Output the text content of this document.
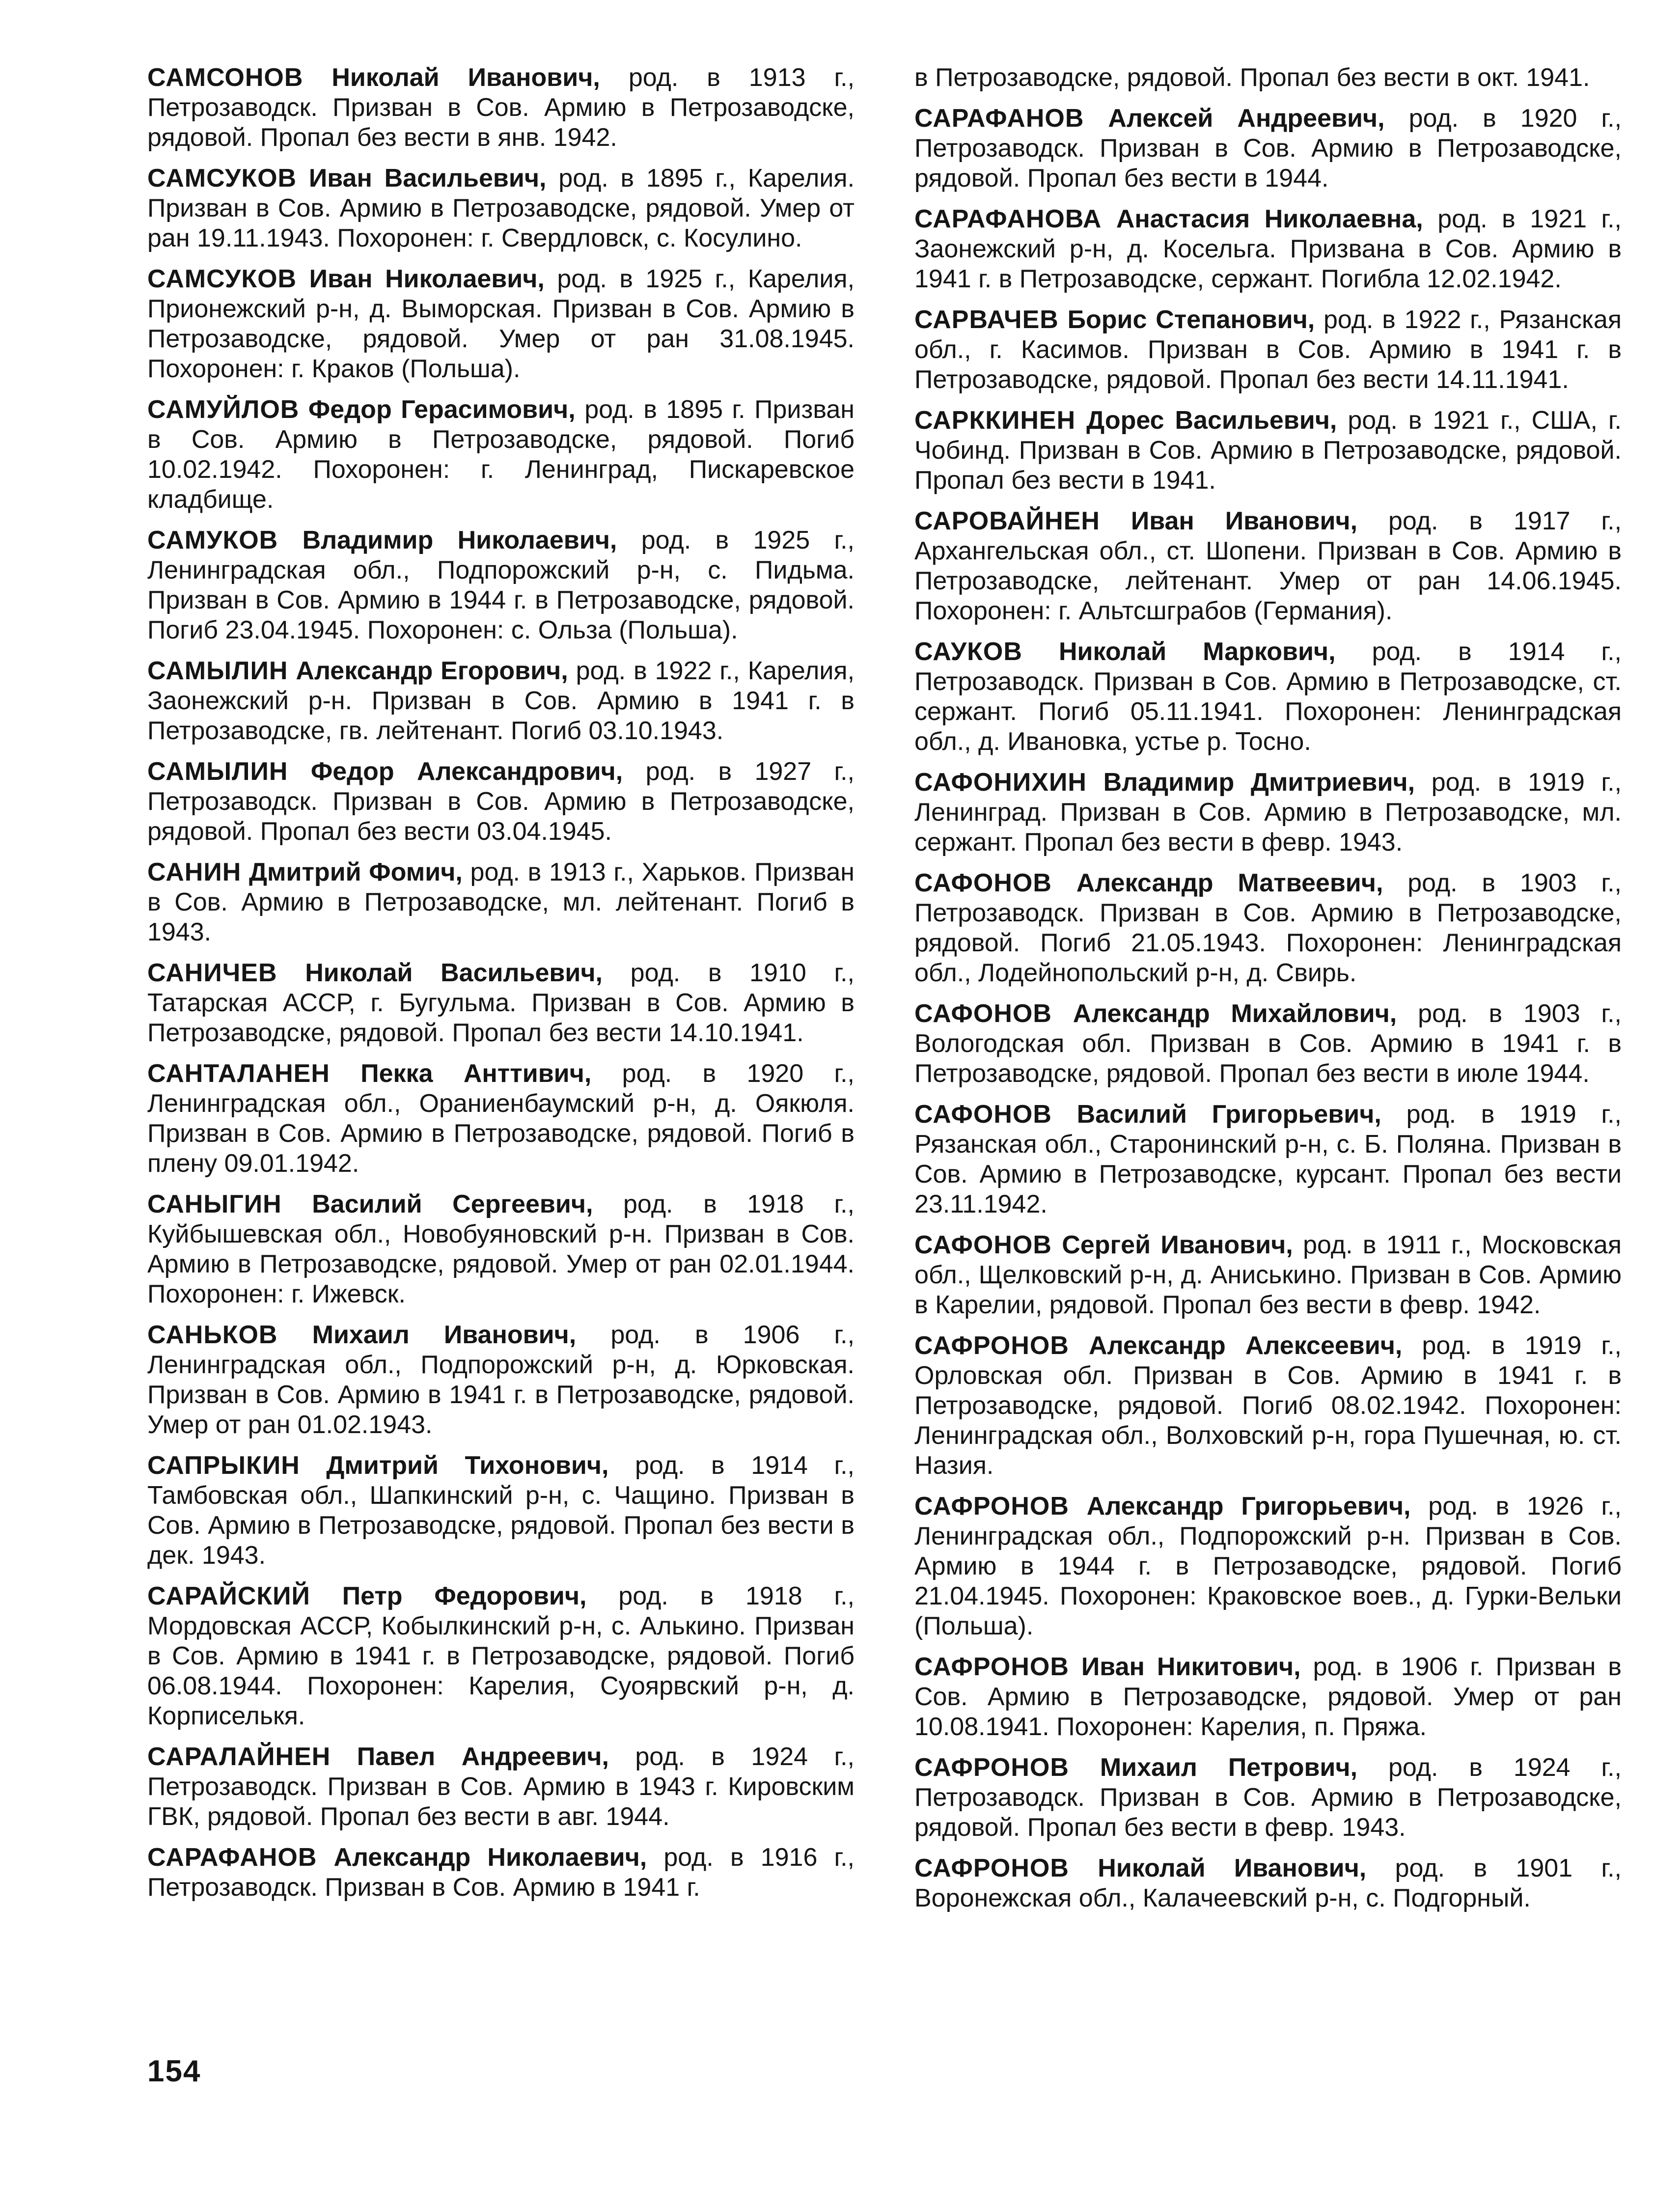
САМСОНОВ Николай Иванович, род. в 1913 г., Петрозаводск. Призван в Сов. Армию в Петрозаводске, рядовой. Пропал без вести в янв. 1942.

САМСУКОВ Иван Васильевич, род. в 1895 г., Карелия. Призван в Сов. Армию в Петрозаводске, рядовой. Умер от ран 19.11.1943. Похоронен: г. Свердловск, с. Косулино.

САМСУКОВ Иван Николаевич, род. в 1925 г., Карелия, Прионежский р-н, д. Выморская. Призван в Сов. Армию в Петрозаводске, рядовой. Умер от ран 31.08.1945. Похоронен: г. Краков (Польша).

САМУЙЛОВ Федор Герасимович, род. в 1895 г. Призван в Сов. Армию в Петрозаводске, рядовой. Погиб 10.02.1942. Похоронен: г. Ленинград, Пискаревское кладбище.

САМУКОВ Владимир Николаевич, род. в 1925 г., Ленинградская обл., Подпорожский р-н, с. Пидьма. Призван в Сов. Армию в 1944 г. в Петрозаводске, рядовой. Погиб 23.04.1945. Похоронен: с. Ольза (Польша).

САМЫЛИН Александр Егорович, род. в 1922 г., Карелия, Заонежский р-н. Призван в Сов. Армию в 1941 г. в Петрозаводске, гв. лейтенант. Погиб 03.10.1943.

САМЫЛИН Федор Александрович, род. в 1927 г., Петрозаводск. Призван в Сов. Армию в Петрозаводске, рядовой. Пропал без вести 03.04.1945.

САНИН Дмитрий Фомич, род. в 1913 г., Харьков. Призван в Сов. Армию в Петрозаводске, мл. лейтенант. Погиб в 1943.

САНИЧЕВ Николай Васильевич, род. в 1910 г., Татарская АССР, г. Бугульма. Призван в Сов. Армию в Петрозаводске, рядовой. Пропал без вести 14.10.1941.

САНТАЛАНЕН Пекка Анттивич, род. в 1920 г., Ленинградская обл., Ораниенбаумский р-н, д. Оякюля. Призван в Сов. Армию в Петрозаводске, рядовой. Погиб в плену 09.01.1942.

САНЫГИН Василий Сергеевич, род. в 1918 г., Куйбышевская обл., Новобуяновский р-н. Призван в Сов. Армию в Петрозаводске, рядовой. Умер от ран 02.01.1944. Похоронен: г. Ижевск.

САНЬКОВ Михаил Иванович, род. в 1906 г., Ленинградская обл., Подпорожский р-н, д. Юрковская. Призван в Сов. Армию в 1941 г. в Петрозаводске, рядовой. Умер от ран 01.02.1943.

САПРЫКИН Дмитрий Тихонович, род. в 1914 г., Тамбовская обл., Шапкинский р-н, с. Чащино. Призван в Сов. Армию в Петрозаводске, рядовой. Пропал без вести в дек. 1943.

САРАЙСКИЙ Петр Федорович, род. в 1918 г., Мордовская АССР, Кобылкинский р-н, с. Алькино. Призван в Сов. Армию в 1941 г. в Петрозаводске, рядовой. Погиб 06.08.1944. Похоронен: Карелия, Суоярвский р-н, д. Корписелькя.

САРАЛАЙНЕН Павел Андреевич, род. в 1924 г., Петрозаводск. Призван в Сов. Армию в 1943 г. Кировским ГВК, рядовой. Пропал без вести в авг. 1944.

САРАФАНОВ Александр Николаевич, род. в 1916 г., Петрозаводск. Призван в Сов. Армию в 1941 г.

в Петрозаводске, рядовой. Пропал без вести в окт. 1941.

САРАФАНОВ Алексей Андреевич, род. в 1920 г., Петрозаводск. Призван в Сов. Армию в Петрозаводске, рядовой. Пропал без вести в 1944.

САРАФАНОВА Анастасия Николаевна, род. в 1921 г., Заонежский р-н, д. Косельга. Призвана в Сов. Армию в 1941 г. в Петрозаводске, сержант. Погибла 12.02.1942.

САРВАЧЕВ Борис Степанович, род. в 1922 г., Рязанская обл., г. Касимов. Призван в Сов. Армию в 1941 г. в Петрозаводске, рядовой. Пропал без вести 14.11.1941.

САРККИНЕН Дорес Васильевич, род. в 1921 г., США, г. Чобинд. Призван в Сов. Армию в Петрозаводске, рядовой. Пропал без вести в 1941.

САРОВАЙНЕН Иван Иванович, род. в 1917 г., Архангельская обл., ст. Шопени. Призван в Сов. Армию в Петрозаводске, лейтенант. Умер от ран 14.06.1945. Похоронен: г. Альтсшграбов (Германия).

САУКОВ Николай Маркович, род. в 1914 г., Петрозаводск. Призван в Сов. Армию в Петрозаводске, ст. сержант. Погиб 05.11.1941. Похоронен: Ленинградская обл., д. Ивановка, устье р. Тосно.

САФОНИХИН Владимир Дмитриевич, род. в 1919 г., Ленинград. Призван в Сов. Армию в Петрозаводске, мл. сержант. Пропал без вести в февр. 1943.

САФОНОВ Александр Матвеевич, род. в 1903 г., Петрозаводск. Призван в Сов. Армию в Петрозаводске, рядовой. Погиб 21.05.1943. Похоронен: Ленинградская обл., Лодейнопольский р-н, д. Свирь.

САФОНОВ Александр Михайлович, род. в 1903 г., Вологодская обл. Призван в Сов. Армию в 1941 г. в Петрозаводске, рядовой. Пропал без вести в июле 1944.

САФОНОВ Василий Григорьевич, род. в 1919 г., Рязанская обл., Старонинский р-н, с. Б. Поляна. Призван в Сов. Армию в Петрозаводске, курсант. Пропал без вести 23.11.1942.

САФОНОВ Сергей Иванович, род. в 1911 г., Московская обл., Щелковский р-н, д. Аниськино. Призван в Сов. Армию в Карелии, рядовой. Пропал без вести в февр. 1942.

САФРОНОВ Александр Алексеевич, род. в 1919 г., Орловская обл. Призван в Сов. Армию в 1941 г. в Петрозаводске, рядовой. Погиб 08.02.1942. Похоронен: Ленинградская обл., Волховский р-н, гора Пушечная, ю. ст. Назия.

САФРОНОВ Александр Григорьевич, род. в 1926 г., Ленинградская обл., Подпорожский р-н. Призван в Сов. Армию в 1944 г. в Петрозаводске, рядовой. Погиб 21.04.1945. Похоронен: Краковское воев., д. Гурки-Вельки (Польша).

САФРОНОВ Иван Никитович, род. в 1906 г. Призван в Сов. Армию в Петрозаводске, рядовой. Умер от ран 10.08.1941. Похоронен: Карелия, п. Пряжа.

САФРОНОВ Михаил Петрович, род. в 1924 г., Петрозаводск. Призван в Сов. Армию в Петрозаводске, рядовой. Пропал без вести в февр. 1943.

САФРОНОВ Николай Иванович, род. в 1901 г., Воронежская обл., Калачеевский р-н, с. Подгорный.

154
